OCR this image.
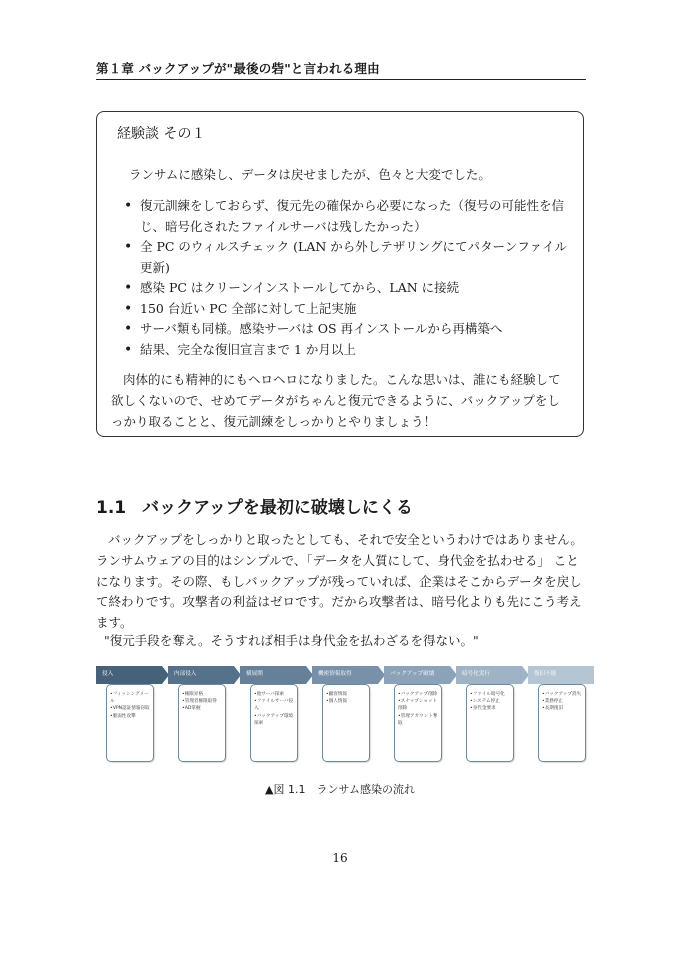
第１章 バックアップが"最後の砦"と言われる理由
経験談 その１
ランサムに感染し、データは戻せましたが、色々と大変でした。
• 復元訓練をしておらず、復元先の確保から必要になった（復号の可能性を信じ、暗号化されたファイルサーバは残したかった）
• 全 PC のウィルスチェック (LAN から外しテザリングにてパターンファイル更新)
• 感染 PC はクリーンインストールしてから、LAN に接続
• 150 台近い PC 全部に対して上記実施
• サーバ類も同様。感染サーバは OS 再インストールから再構築へ
• 結果、完全な復旧宣言まで 1 か月以上
肉体的にも精神的にもヘロヘロになりました。こんな思いは、誰にも経験して欲しくないので、せめてデータがちゃんと復元できるように、バックアップをしっかり取ることと、復元訓練をしっかりとやりましょう！
1.1 バックアップを最初に破壊しにくる

バックアップをしっかりと取ったとしても、それで安全というわけではありません。ランサムウェアの目的はシンプルで、「データを人質にして、身代金を払わせる」 ことになります。その際、もしバックアップが残っていれば、企業はそこからデータを戻して終わりです。攻撃者の利益はゼロです。だから攻撃者は、暗号化よりも先にこう考えます。

"復元手段を奪え。そうすれば相手は身代金を払わざるを得ない。"
侵入
•フィッシングメール
•VPN認証情報窃取
•脆弱性攻撃
内部侵入
•権限昇格
•管理者権限取得
•AD掌握
横展開
•他サーバ探索
•ファイルサーバ侵入
•バックアップ環境探索
機密情報取得
•顧客情報
•個人情報
バックアップ破壊
•バックアップ削除
•スナップショット削除
•管理アカウント奪取
暗号化実行
•ファイル暗号化
•システム停止
•身代金要求
復旧不能
•バックアップ消失
•業務停止
•長期復旧
▲図 1.1　ランサム感染の流れ
16
